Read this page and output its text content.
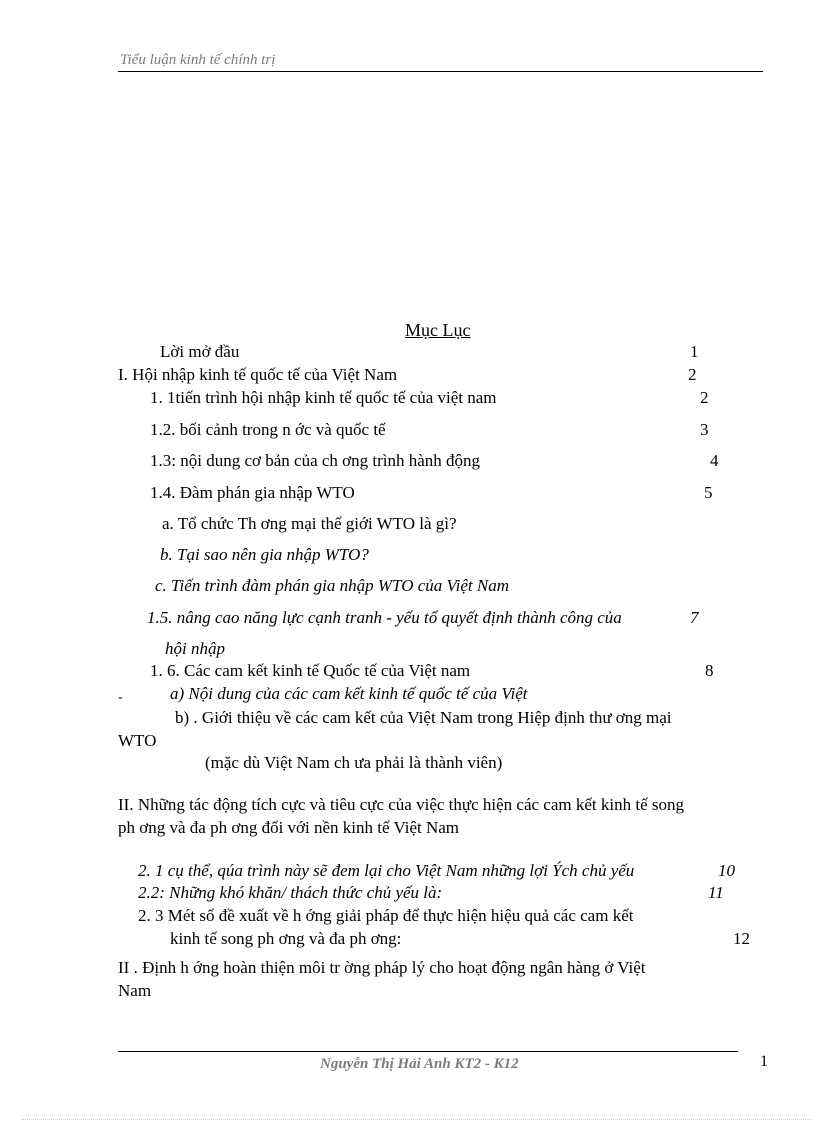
Tiểu luận kinh tế chính trị
Mục Lục
Lời mở đầu	1
I. Hội nhập kinh tế quốc tế của Việt Nam	2
1. 1tiến trình hội nhập kinh tế quốc tế của việt nam	2
1.2. bối cảnh trong n ớc và quốc tế	3
1.3: nội dung cơ bản của ch ơng trình hành động	4
1.4. Đàm phán gia nhập WTO	5
a. Tổ chức Th ơng mại thế giới WTO là gì?
b. Tại sao nên gia nhập WTO?
c. Tiến trình đàm phán gia nhập WTO của Việt Nam
1.5. nâng cao năng lực cạnh tranh - yếu tố quyết định thành công của	7
hội nhập
1. 6. Các cam kết kinh tế Quốc tế của Việt nam	8
-	a) Nội dung của các cam kết kinh tế quốc tế của Việt
b) . Giới thiệu về các cam kết của Việt Nam trong Hiệp định thư ơng mại
WTO
(mặc dù Việt Nam ch ưa phải là thành viên)
II. Những tác động tích cực và tiêu cực của việc thực hiện các cam kết kinh tế song
ph ơng và đa ph ơng đối với nền kinh tế Việt Nam
2. 1 cụ thể, qúa trình này sẽ đem lại cho Việt Nam những lợi Ých chủ yếu	10
2.2: Những khó khăn/ thách thức chủ yếu là:	11
2. 3 Mét số đề xuất về h ớng giải pháp để thực hiện hiệu quả các cam kết
kinh tế song ph ơng và đa ph ơng:	12
II . Định h ớng hoàn thiện môi tr ờng pháp lý cho hoạt động ngân hàng ở Việt
Nam
Nguyễn Thị Hải Anh KT2 - K12	1
